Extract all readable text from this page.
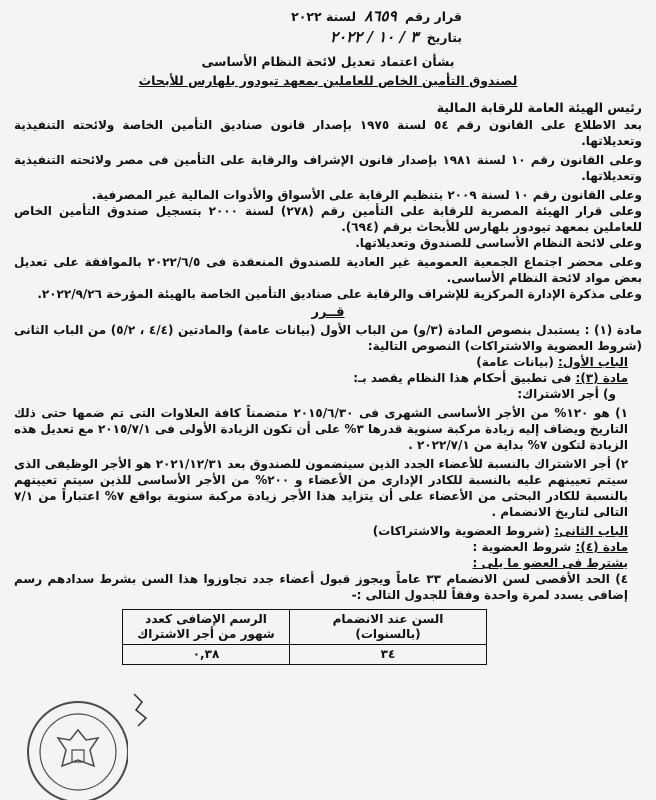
قرار رقم ٨٦٥٩ لسنة ٢٠٢٢
بتاريخ ٣ / ١٠ / ٢٠٢٢
بشأن اعتماد تعديل لائحة النظام الأساسى
لصندوق التأمين الخاص للعاملين بمعهد تيودور بلهارس للأبحاث
رئيس الهيئة العامة للرقابة المالية

بعد الاطلاع على القانون رقم ٥٤ لسنة ١٩٧٥ بإصدار قانون صناديق التأمين الخاصة ولائحته التنفيذية وتعديلاتها.

وعلى القانون رقم ١٠ لسنة ١٩٨١ بإصدار قانون الإشراف والرقابة على التأمين فى مصر ولائحته التنفيذية وتعديلاتها.

وعلى القانون رقم ١٠ لسنة ٢٠٠٩ بتنظيم الرقابة على الأسواق والأدوات المالية غير المصرفية.

وعلى قرار الهيئة المصرية للرقابة على التأمين رقم (٢٧٨) لسنة ٢٠٠٠ بتسجيل صندوق التأمين الخاص للعاملين بمعهد تيودور بلهارس للأبحاث برقم (٦٩٤).

وعلى لائحة النظام الأساسى للصندوق وتعديلاتها.

وعلى محضر اجتماع الجمعية العمومية غير العادية للصندوق المنعقدة فى ٢٠٢٢/٦/٥ بالموافقة على تعديل بعض مواد لائحة النظام الأساسى.

وعلى مذكرة الإدارة المركزية للإشراف والرقابة على صناديق التأمين الخاصة بالهيئة المؤرخة ٢٠٢٢/٩/٢٦.

قــرر

مادة (١) : يستبدل بنصوص المادة (٣/و) من الباب الأول (بيانات عامة) والمادتين (٤/٤ ، ٥/٢) من الباب الثانى (شروط العضوية والاشتراكات) النصوص التالية:

الباب الأول: (بيانات عامة)

مادة (٣): فى تطبيق أحكام هذا النظام يقصد بـ:

و) أجر الاشتراك:

١) هو ١٢٠% من الأجر الأساسى الشهرى فى ٢٠١٥/٦/٣٠ متضمناً كافة العلاوات التى تم ضمها حتى ذلك التاريخ ويضاف إليه زيادة مركبة سنوية قدرها ٣% على أن تكون الزيادة الأولى فى ٢٠١٥/٧/١ مع تعديل هذه الزيادة لتكون ٧% بداية من ٢٠٢٢/٧/١ .

٢) أجر الاشتراك بالنسبة للأعضاء الجدد الذين سينضمون للصندوق بعد ٢٠٢١/١٢/٣١ هو الأجر الوظيفى الذى سيتم تعيينهم عليه بالنسبة للكادر الإدارى من الأعضاء و ٢٠٠% من الأجر الأساسى للذين سيتم تعيينهم بالنسبة للكادر البحثى من الأعضاء على أن يتزايد هذا الأجر زيادة مركبة سنوية بواقع ٧% اعتباراً من ٧/١ التالى لتاريخ الانضمام .

الباب الثانى: (شروط العضوية والاشتراكات)

مادة (٤): شروط العضوية :

يشترط فى العضو ما يلى :

٤) الحد الأقصى لسن الانضمام ٣٣ عاماً ويجوز قبول أعضاء جدد تجاوزوا هذا السن بشرط سدادهم رسم إضافى يسدد لمرة واحدة وفقاً للجدول التالى :-

السن عند الانضمام (بالسنوات)	الرسم الإضافى كعدد شهور من أجر الاشتراك
٣٤	٠,٣٨
